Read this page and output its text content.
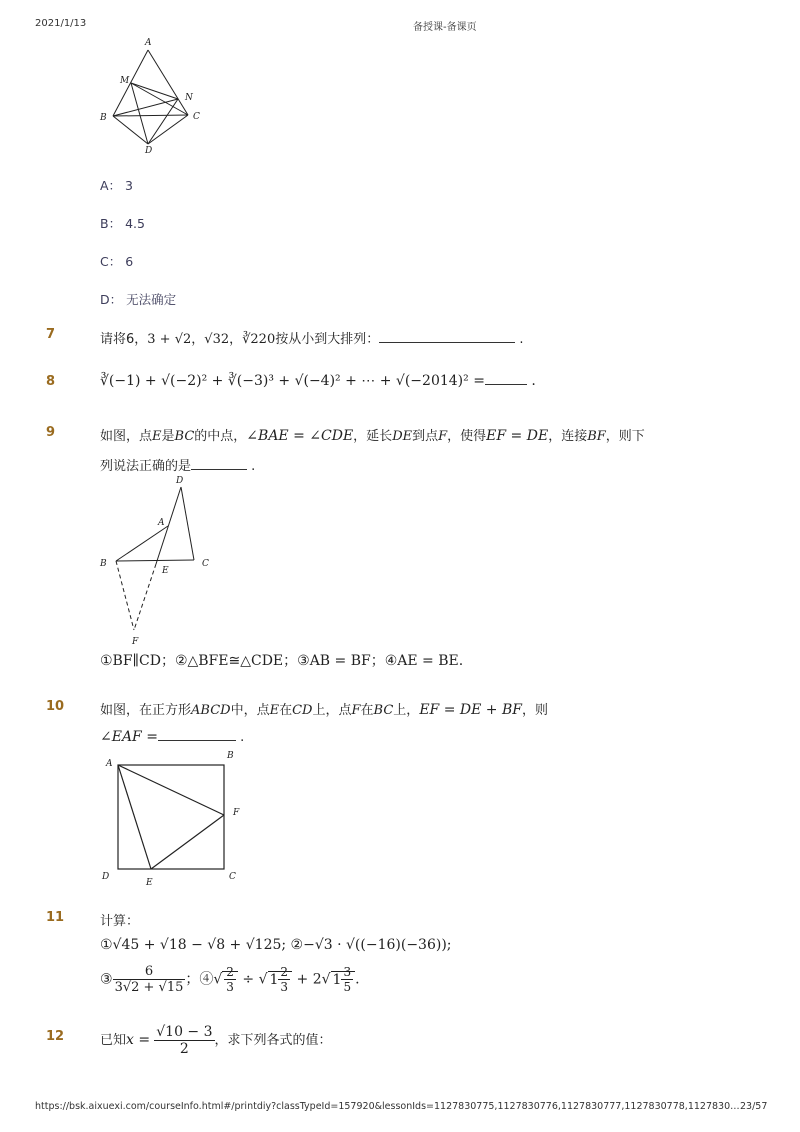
2021/1/13	备授课-备课页
A
M
N
B	C
D
A： 3
B： 4.5
C： 6
D： 无法确定
7	请将6，3 + √2，√32，∛220按从小到大排列：	.
8	∛(−1) + √(−2)² + ∛(−3)³ + √(−4)² + ⋯ + √(−2014)² =	.
9	如图，点E是BC的中点，∠BAE = ∠CDE，延长DE到点F，使得EF = DE，连接BF，则下
列说法正确的是	.
D
A
B
E
C
F
①BF∥CD；②△BFE≅△CDE；③AB = BF；④AE = BE.
10	如图，在正方形ABCD中，点E在CD上，点F在BC上，EF = DE + BF，则
∠EAF =	.
A
B
F
D
E
C
11	计算：
①√45 + √18 − √8 + √125; ②−√3 · √((−16)(−36));
③ $\frac{6}{3√2 + √15}$ ；④√ $\frac{2}{3}$ ÷ √ $1 \frac{2}{3} + 2√$ $1 \frac{3}{5}$ .
12	已知$x = \frac{√10 - 3}{2}$ ，求下列各式的值：
https://bsk.aixuexi.com/courseInfo.html#/printdiy?classTypeId=157920&lessonIds=1127830775,1127830776,1127830777,1127830778,1127830… 23/57
